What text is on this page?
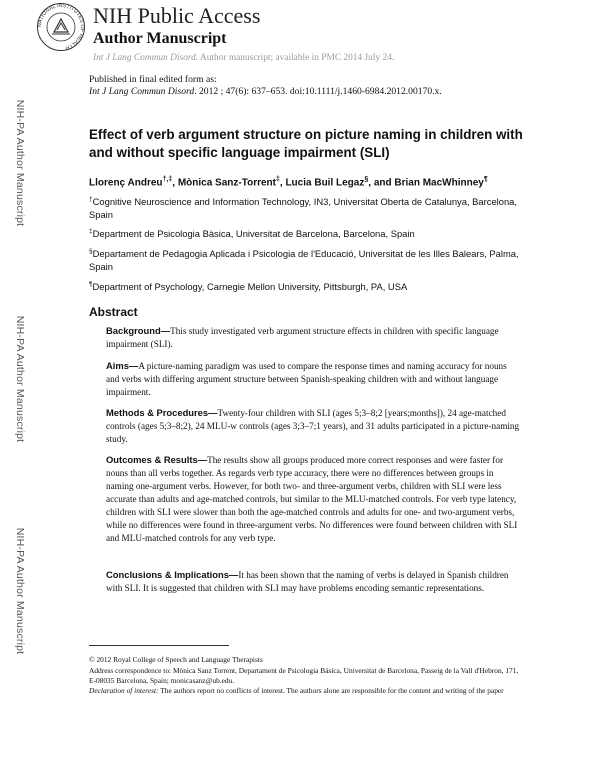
NATIONAL INSTITUTES OF HEALTH
NIH Public Access
Author Manuscript
Int J Lang Commun Disord. Author manuscript; available in PMC 2014 July 24.
Published in final edited form as:
Int J Lang Commun Disord. 2012 ; 47(6): 637–653. doi:10.1111/j.1460-6984.2012.00170.x.
NIH-PA Author Manuscript
NIH-PA Author Manuscript
NIH-PA Author Manuscript
Effect of verb argument structure on picture naming in children with and without specific language impairment (SLI)
Llorenç Andreu†,‡, Mònica Sanz-Torrent‡, Lucia Buil Legaz§, and Brian MacWhinney¶
†Cognitive Neuroscience and Information Technology, IN3, Universitat Oberta de Catalunya, Barcelona, Spain
‡Department de Psicologia Bàsica, Universitat de Barcelona, Barcelona, Spain
§Departament de Pedagogia Aplicada i Psicologia de l'Educació, Universitat de les Illes Balears, Palma, Spain
¶Department of Psychology, Carnegie Mellon University, Pittsburgh, PA, USA
Abstract
Background—This study investigated verb argument structure effects in children with specific language impairment (SLI).
Aims—A picture-naming paradigm was used to compare the response times and naming accuracy for nouns and verbs with differing argument structure between Spanish-speaking children with and without language impairment.
Methods & Procedures—Twenty-four children with SLI (ages 5;3–8;2 [years;months]), 24 age-matched controls (ages 5;3–8;2), 24 MLU-w controls (ages 3;3–7;1 years), and 31 adults participated in a picture-naming study.
Outcomes & Results—The results show all groups produced more correct responses and were faster for nouns than all verbs together. As regards verb type accuracy, there were no differences between groups in naming one-argument verbs. However, for both two- and three-argument verbs, children with SLI were less accurate than adults and age-matched controls, but similar to the MLU-matched controls. For verb type latency, children with SLI were slower than both the age-matched controls and adults for one- and two-argument verbs, while no differences were found in three-argument verbs. No differences were found between children with SLI and MLU-matched controls for any verb type.
Conclusions & Implications—It has been shown that the naming of verbs is delayed in Spanish children with SLI. It is suggested that children with SLI may have problems encoding semantic representations.
© 2012 Royal College of Speech and Language Therapists
Address correspondence to: Mònica Sanz Torrent, Departament de Psicologia Bàsica, Universitat de Barcelona, Passeig de la Vall d'Hebron, 171, E-08035 Barcelona, Spain; monicasanz@ub.edu.
Declaration of interest: The authors report no conflicts of interest. The authors alone are responsible for the content and writing of the paper
